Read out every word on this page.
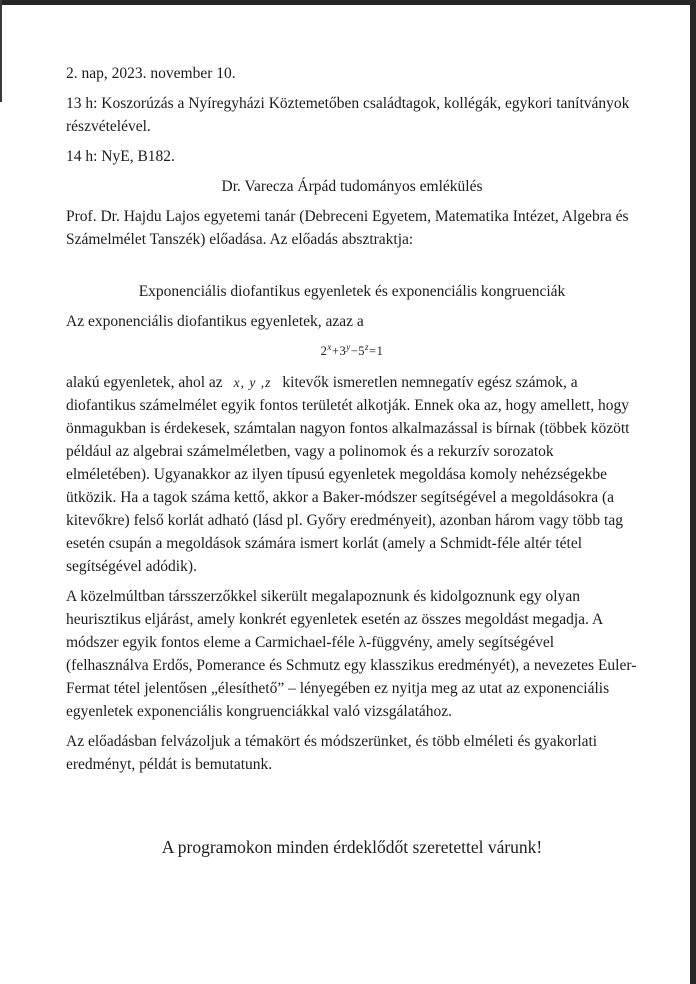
2. nap, 2023. november 10.

13 h: Koszorúzás a Nyíregyházi Köztemetőben családtagok, kollégák, egykori tanítványok részvételével.

14 h: NyE, B182.

Dr. Varecza Árpád tudományos emlékülés

Prof. Dr. Hajdu Lajos egyetemi tanár (Debreceni Egyetem, Matematika Intézet, Algebra és Számelmélet Tanszék) előadása. Az előadás absztraktja:

Exponenciális diofantikus egyenletek és exponenciális kongruenciák

Az exponenciális diofantikus egyenletek, azaz a

$2^x+3^y-5^z=1$

alakú egyenletek, ahol az x, y ,z kitevők ismeretlen nemnegatív egész számok, a diofantikus számelmélet egyik fontos területét alkotják. Ennek oka az, hogy amellett, hogy önmagukban is érdekesek, számtalan nagyon fontos alkalmazással is bírnak (többek között például az algebrai számelméletben, vagy a polinomok és a rekurzív sorozatok elméletében). Ugyanakkor az ilyen típusú egyenletek megoldása komoly nehézségekbe ütközik. Ha a tagok száma kettő, akkor a Baker-módszer segítségével a megoldásokra (a kitevőkre) felső korlát adható (lásd pl. Győry eredményeit), azonban három vagy több tag esetén csupán a megoldások számára ismert korlát (amely a Schmidt-féle altér tétel segítségével adódik).

A közelmúltban társszerzőkkel sikerült megalapoznunk és kidolgoznunk egy olyan heurisztikus eljárást, amely konkrét egyenletek esetén az összes megoldást megadja. A módszer egyik fontos eleme a Carmichael-féle λ-függvény, amely segítségével (felhasználva Erdős, Pomerance és Schmutz egy klasszikus eredményét), a nevezetes Euler-Fermat tétel jelentősen „élesíthető” – lényegében ez nyitja meg az utat az exponenciális egyenletek exponenciális kongruenciákkal való vizsgálatához.

Az előadásban felvázoljuk a témakört és módszerünket, és több elméleti és gyakorlati eredményt, példát is bemutatunk.

A programokon minden érdeklődőt szeretettel várunk!
